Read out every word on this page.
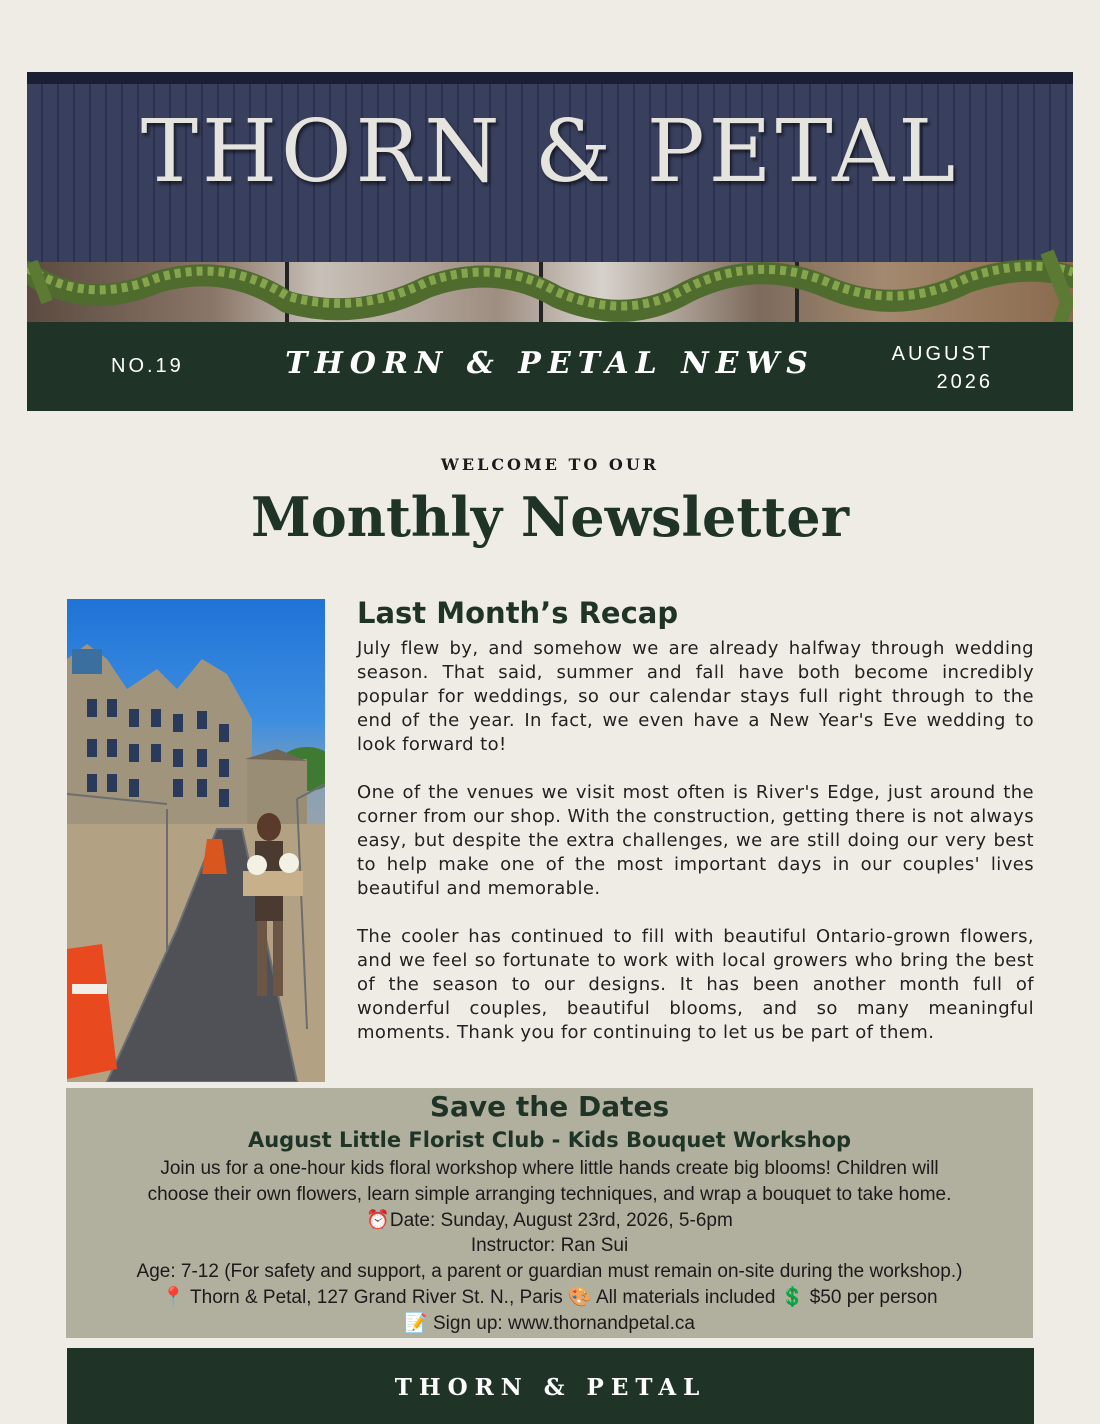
THORN & PETAL
NO.19	THORN & PETAL NEWS	AUGUST
2026
WELCOME TO OUR
Monthly Newsletter
Last Month’s Recap

July flew by, and somehow we are already halfway through wedding season. That said, summer and fall have both become incredibly popular for weddings, so our calendar stays full right through to the end of the year. In fact, we even have a New Year's Eve wedding to look forward to!

One of the venues we visit most often is River's Edge, just around the corner from our shop. With the construction, getting there is not always easy, but despite the extra challenges, we are still doing our very best to help make one of the most important days in our couples' lives beautiful and memorable.

The cooler has continued to fill with beautiful Ontario-grown flowers, and we feel so fortunate to work with local growers who bring the best of the season to our designs. It has been another month full of wonderful couples, beautiful blooms, and so many meaningful moments. Thank you for continuing to let us be part of them.

Save the Dates
August Little Florist Club - Kids Bouquet Workshop
Join us for a one-hour kids floral workshop where little hands create big blooms! Children will
choose their own flowers, learn simple arranging techniques, and wrap a bouquet to take home.
⏰Date: Sunday, August 23rd, 2026, 5-6pm
Instructor: Ran Sui
Age: 7-12 (For safety and support, a parent or guardian must remain on-site during the workshop.)
📍 Thorn & Petal, 127 Grand River St. N., Paris 🎨 All materials included 💲 $50 per person
📝 Sign up: www.thornandpetal.ca
THORN & PETAL
